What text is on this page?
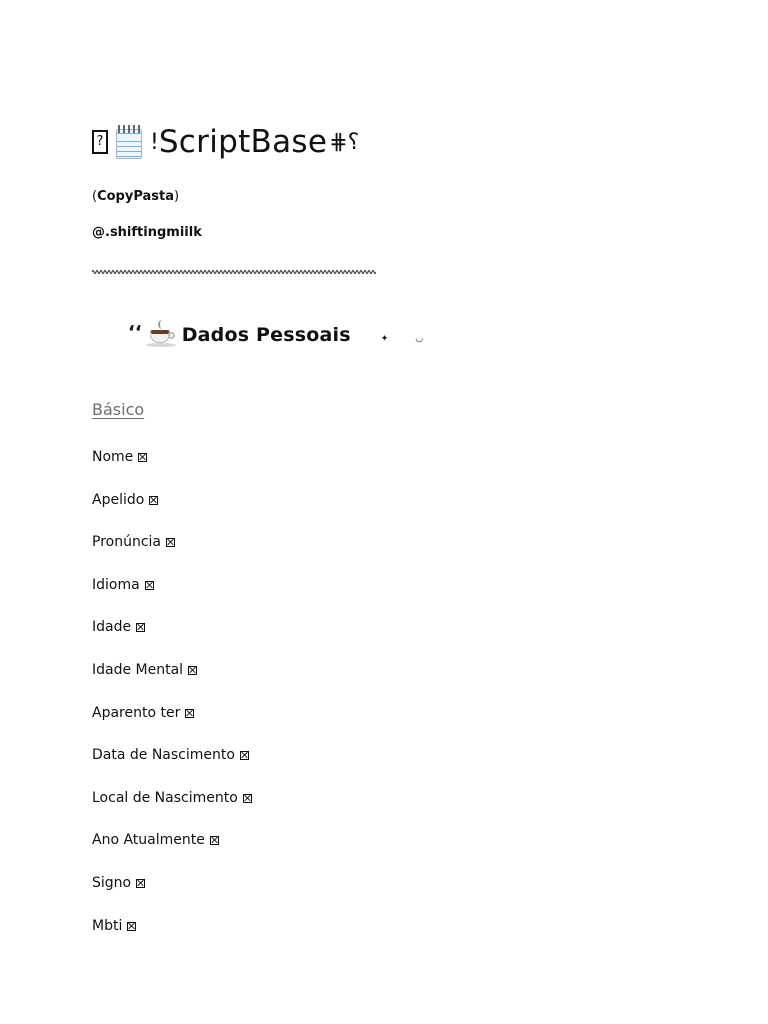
? ! ScriptBase ⋕⸮
(CopyPasta)
@.shiftingmiilk
‘‘ Dados Pessoais	✦ ◡
Básico
Nome
Apelido
Pronúncia
Idioma
Idade
Idade Mental
Aparento ter
Data de Nascimento
Local de Nascimento
Ano Atualmente
Signo
Mbti
